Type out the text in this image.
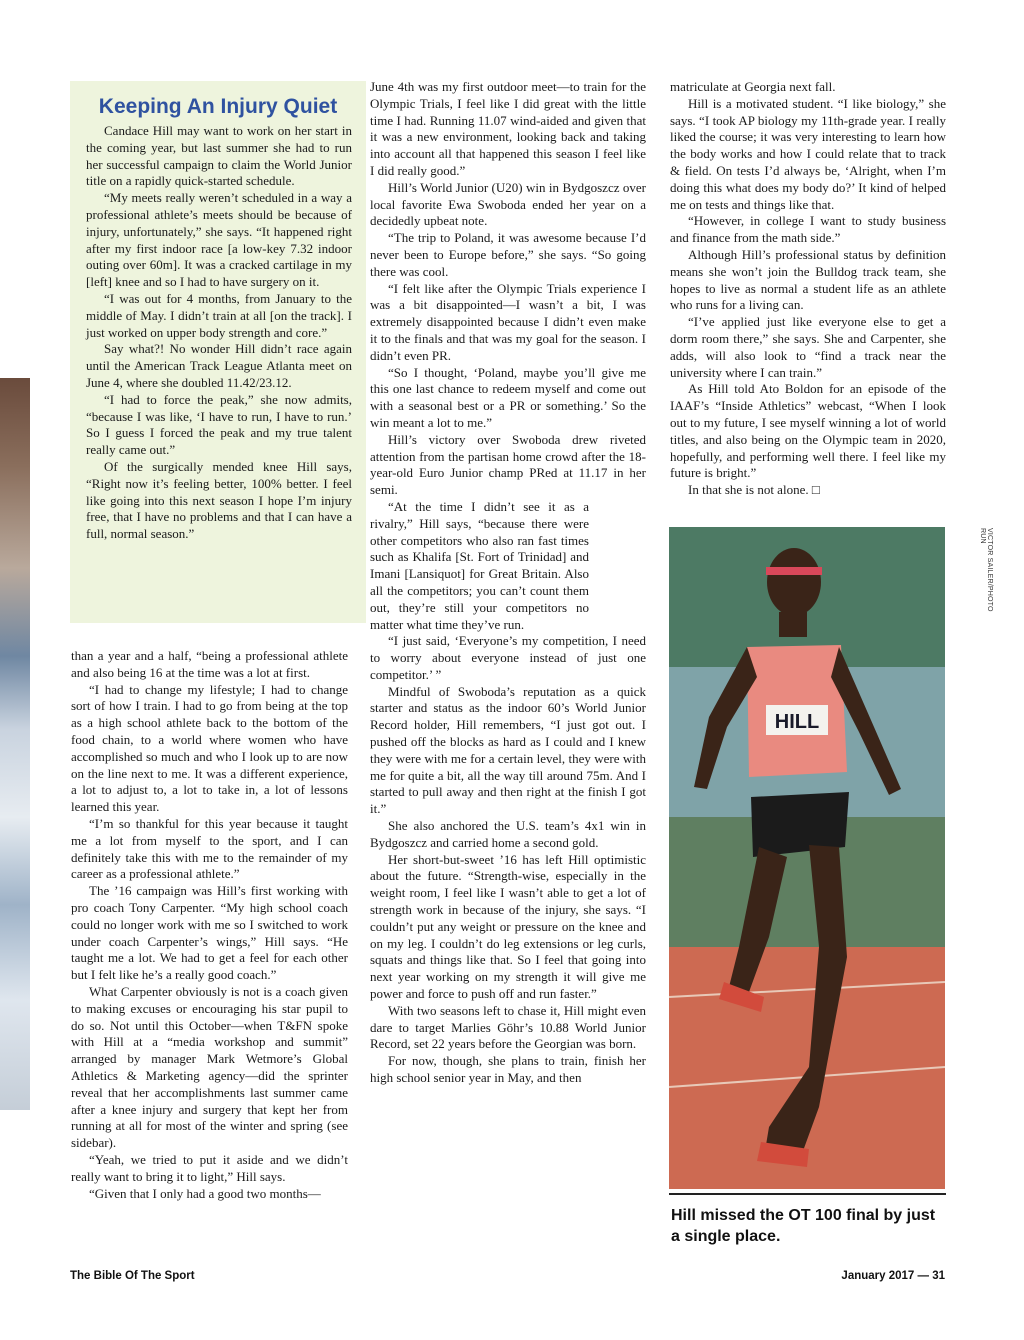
Keeping An Injury Quiet

Candace Hill may want to work on her start in the coming year, but last summer she had to run her successful campaign to claim the World Junior title on a rapidly quick-started schedule.

“My meets really weren’t scheduled in a way a professional athlete’s meets should be because of injury, unfortunately,” she says. “It happened right after my first indoor race [a low-key 7.32 indoor outing over 60m]. It was a cracked cartilage in my [left] knee and so I had to have surgery on it.

“I was out for 4 months, from January to the middle of May. I didn’t train at all [on the track]. I just worked on upper body strength and core.”

Say what?! No wonder Hill didn’t race again until the American Track League Atlanta meet on June 4, where she doubled 11.42/23.12.

“I had to force the peak,” she now admits, “because I was like, ‘I have to run, I have to run.’ So I guess I forced the peak and my true talent really came out.”

Of the surgically mended knee Hill says, “Right now it’s feeling better, 100% better. I feel like going into this next season I hope I’m injury free, that I have no problems and that I can have a full, normal season.”

than a year and a half, “being a professional athlete and also being 16 at the time was a lot at first.

“I had to change my lifestyle; I had to change sort of how I train. I had to go from being at the top as a high school athlete back to the bottom of the food chain, to a world where women who have accomplished so much and who I look up to are now on the line next to me. It was a different experience, a lot to adjust to, a lot to take in, a lot of lessons learned this year.

“I’m so thankful for this year because it taught me a lot from myself to the sport, and I can definitely take this with me to the remainder of my career as a professional athlete.”

The ’16 campaign was Hill’s first working with pro coach Tony Carpenter. “My high school coach could no longer work with me so I switched to work under coach Carpenter’s wings,” Hill says. “He taught me a lot. We had to get a feel for each other but I felt like he’s a really good coach.”

What Carpenter obviously is not is a coach given to making excuses or encouraging his star pupil to do so. Not until this October—when T&FN spoke with Hill at a “media workshop and summit” arranged by manager Mark Wetmore’s Global Athletics & Marketing agency—did the sprinter reveal that her accomplishments last summer came after a knee injury and surgery that kept her from running at all for most of the winter and spring (see sidebar).

“Yeah, we tried to put it aside and we didn’t really want to bring it to light,” Hill says.

“Given that I only had a good two months—

June 4th was my first outdoor meet—to train for the Olympic Trials, I feel like I did great with the little time I had. Running 11.07 wind-aided and given that it was a new environment, looking back and taking into account all that happened this season I feel like I did really good.”

Hill’s World Junior (U20) win in Bydgoszcz over local favorite Ewa Swoboda ended her year on a decidedly upbeat note.

“The trip to Poland, it was awesome because I’d never been to Europe before,” she says. “So going there was cool.

“I felt like after the Olympic Trials experience I was a bit disappointed—I wasn’t a bit, I was extremely disappointed because I didn’t even make it to the finals and that was my goal for the season. I didn’t even PR.

“So I thought, ‘Poland, maybe you’ll give me this one last chance to redeem myself and come out with a seasonal best or a PR or something.’ So the win meant a lot to me.”

Hill’s victory over Swoboda drew riveted attention from the partisan home crowd after the 18-year-old Euro Junior champ PRed at 11.17 in her semi.

“At the time I didn’t see it as a rivalry,” Hill says, “because there were other competitors who also ran fast times such as Khalifa [St. Fort of Trinidad] and Imani [Lansiquot] for Great Britain. Also all the competitors; you can’t count them out, they’re still your competitors no matter what time they’ve run.

“I just said, ‘Everyone’s my competition, I need to worry about everyone instead of just one competitor.’ ”

Mindful of Swoboda’s reputation as a quick starter and status as the indoor 60’s World Junior Record holder, Hill remembers, “I just got out. I pushed off the blocks as hard as I could and I knew they were with me for a certain level, they were with me for quite a bit, all the way till around 75m. And I started to pull away and then right at the finish I got it.”

She also anchored the U.S. team’s 4x1 win in Bydgoszcz and carried home a second gold.

Her short-but-sweet ’16 has left Hill optimistic about the future. “Strength-wise, especially in the weight room, I feel like I wasn’t able to get a lot of strength work in because of the injury, she says. “I couldn’t put any weight or pressure on the knee and on my leg. I couldn’t do leg extensions or leg curls, squats and things like that. So I feel that going into next year working on my strength it will give me power and force to push off and run faster.”

With two seasons left to chase it, Hill might even dare to target Marlies Göhr’s 10.88 World Junior Record, set 22 years before the Georgian was born.

For now, though, she plans to train, finish her high school senior year in May, and then

matriculate at Georgia next fall.

Hill is a motivated student. “I like biology,” she says. “I took AP biology my 11th-grade year. I really liked the course; it was very interesting to learn how the body works and how I could relate that to track & field. On tests I’d always be, ‘Alright, when I’m doing this what does my body do?’ It kind of helped me on tests and things like that.

“However, in college I want to study business and finance from the math side.”

Although Hill’s professional status by definition means she won’t join the Bulldog track team, she hopes to live as normal a student life as an athlete who runs for a living can.

“I’ve applied just like everyone else to get a dorm room there,” she says. She and Carpenter, she adds, will also look to “find a track near the university where I can train.”

As Hill told Ato Boldon for an episode of the IAAF’s “Inside Athletics” webcast, “When I look out to my future, I see myself winning a lot of world titles, and also being on the Olympic team in 2020, hopefully, and performing well there. I feel like my future is bright.”

In that she is not alone. □

HILL
VICTOR SAILER/PHOTO RUN
Hill missed the OT 100 final by just a single place.
The Bible Of The Sport	January 2017 — 31
